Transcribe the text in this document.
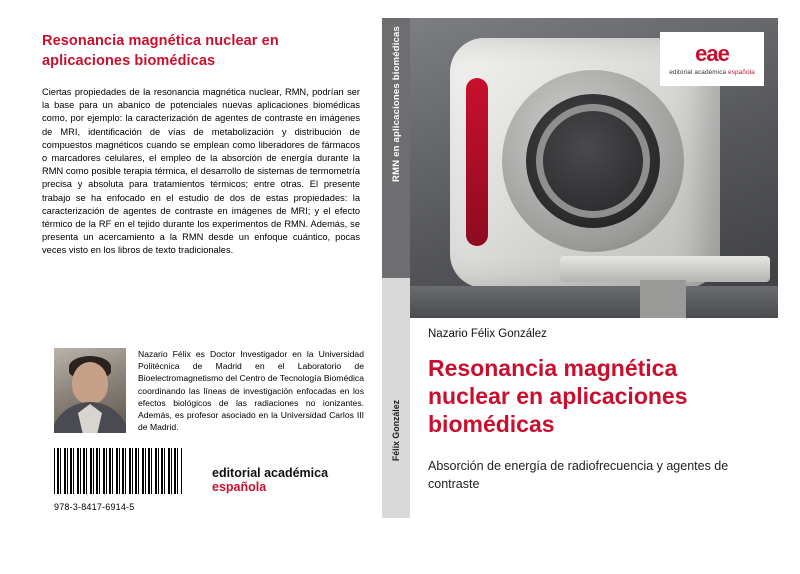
Resonancia magnética nuclear en aplicaciones biomédicas
Ciertas propiedades de la resonancia magnética nuclear, RMN, podrían ser la base para un abanico de potenciales nuevas aplicaciones biomédicas como, por ejemplo: la caracterización de agentes de contraste en imágenes de MRI, identificación de vías de metabolización y distribución de compuestos magnéticos cuando se emplean como liberadores de fármacos o marcadores celulares, el empleo de la absorción de energía durante la RMN como posible terapia térmica, el desarrollo de sistemas de termometría precisa y absoluta para tratamientos térmicos; entre otras. El presente trabajo se ha enfocado en el estudio de dos de estas propiedades: la caracterización de agentes de contraste en imágenes de MRI; y el efecto térmico de la RF en el tejido durante los experimentos de RMN. Además, se presenta un acercamiento a la RMN desde un enfoque cuántico, pocas veces visto en los libros de texto tradicionales.
Nazario Félix es Doctor Investigador en la Universidad Politécnica de Madrid en el Laboratorio de Bioelectromagnetismo del Centro de Tecnología Biomédica coordinando las líneas de investigación enfocadas en los efectos biológicos de las radiaciones no ionizantes. Además, es profesor asociado en la Universidad Carlos III de Madrid.
978-3-8417-6914-5
editorial académica española
RMN en aplicaciones biomédicas
Félix González
eae
editorial académica española
Nazario Félix González
Resonancia magnética nuclear en aplicaciones biomédicas
Absorción de energía de radiofrecuencia y agentes de contraste
